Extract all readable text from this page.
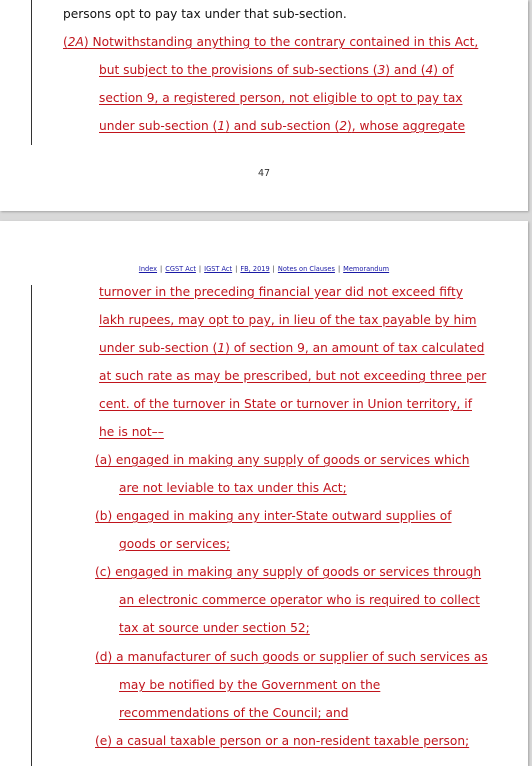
persons opt to pay tax under that sub-section.
(2A) Notwithstanding anything to the contrary contained in this Act,
but subject to the provisions of sub-sections (3) and (4) of
section 9, a registered person, not eligible to opt to pay tax
under sub-section (1) and sub-section (2), whose aggregate
47
Index | CGST Act | IGST Act | FB, 2019 | Notes on Clauses | Memorandum
turnover in the preceding financial year did not exceed fifty
lakh rupees, may opt to pay, in lieu of the tax payable by him
under sub-section (1) of section 9, an amount of tax calculated
at such rate as may be prescribed, but not exceeding three per
cent. of the turnover in State or turnover in Union territory, if
he is not––
(a) engaged in making any supply of goods or services which
are not leviable to tax under this Act;
(b) engaged in making any inter-State outward supplies of
goods or services;
(c) engaged in making any supply of goods or services through
an electronic commerce operator who is required to collect
tax at source under section 52;
(d) a manufacturer of such goods or supplier of such services as
may be notified by the Government on the
recommendations of the Council; and
(e) a casual taxable person or a non-resident taxable person;
